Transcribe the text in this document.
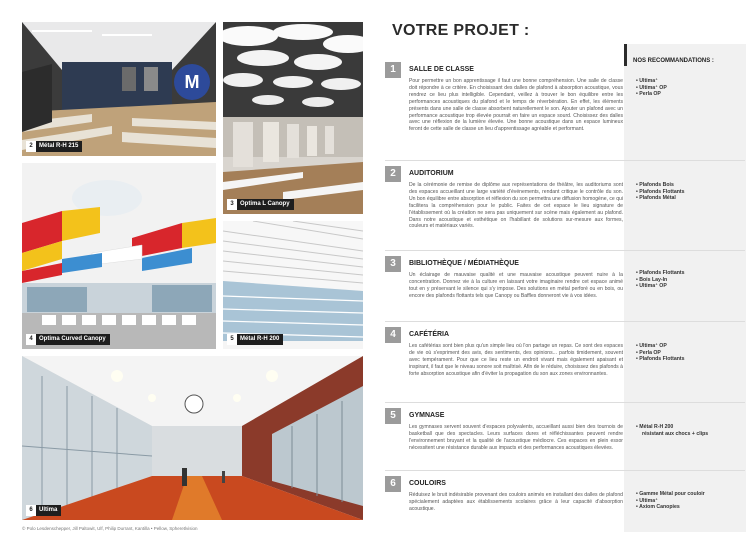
M
2	Métal R-H 215
3	Optima L Canopy
4	Optima Curved Canopy	5	Métal R-H 200
6	Ultima
© Polo Lesdenschepper, Jill Paltowit, Ulf, Philip Durrant, Kantilla • Pellow, Spheretlvision
VOTRE PROJET :
NOS RECOMMANDATIONS :
1	SALLE DE CLASSE
Pour permettre un bon apprentissage il faut une bonne compréhension. Une salle de classe doit répondre à ce critère. En choisissant des dalles de plafond à absorption acoustique, vous rendrez ce lieu plus intelligible. Cependant, veillez à trouver le bon équilibre entre les performances acoustiques du plafond et le temps de réverbération. En effet, les éléments présents dans une salle de classe absorbent naturellement le son. Ajouter un plafond avec un performance acoustique trop élevée pourrait en faire un espace sourd. Choisissez des dalles avec une réflexion de la lumière élevée. Une bonne acoustique dans un espace lumineux feront de cette salle de classe un lieu d'apprentissage agréable et performant.
• Ultima⁺
• Ultima⁺ OP
• Perla OP
2	AUDITORIUM
De la cérémonie de remise de diplôme aux représentations de théâtre, les auditoriums sont des espaces accueillant une large variété d'événements, rendant critique le contrôle du son. Un bon équilibre entre absorption et réflexion du son permettra une diffusion homogène, ce qui facilitera la compréhension pour le public. Faites de cet espace le lieu signature de l'établissement où la création ne sera pas uniquement sur scène mais également au plafond. Dans notre acoustique et esthétique on l'habillant de solutions sur-mesure aux formes, couleurs et matériaux variés.
• Plafonds Bois
• Plafonds Flottants
• Plafonds Métal
3	BIBLIOTHÈQUE / MÉDIATHÈQUE
Un éclairage de mauvaise qualité et une mauvaise acoustique peuvent nuire à la concentration. Donnez vie à la culture en laissant votre imaginaire rendre cet espace animé tout en y préservant le silence qui s'y impose. Des solutions en métal perforé ou en bois, ou encore des plafonds flottants tels que Canopy ou Baffles donneront vie à vos idées.
• Plafonds Flottants
• Bois Lay-In
• Ultima⁺ OP
4	CAFÉTÉRIA
Les cafétérias sont bien plus qu'un simple lieu où l'on partage un repas. Ce sont des espaces de vie où s'expriment des avis, des sentiments, des opinions... parfois timidement, souvent avec tempérament. Pour que ce lieu reste un endroit vivant mais également apaisant et inspirant, il faut que le niveau sonore soit maîtrisé. Afin de le réduire, choisissez des plafonds à forte absorption acoustique afin d'éviter la propagation du son aux zones environnantes.
• Ultima⁺ OP
• Perla OP
• Plafonds Flottants
5	GYMNASE
Les gymnases servent souvent d'espaces polyvalents, accueillant aussi bien des tournois de basketball que des spectacles. Leurs surfaces dures et réfléchissantes peuvent rendre l'environnement bruyant et la qualité de l'acoustique médiocre. Ces espaces en plein essor nécessitent une résistance durable aux impacts et des performances acoustiques élevées.
• Métal R-H 200
résistant aux chocs + clips
6	COULOIRS
Réduisez le bruit indésirable provenant des couloirs animés en installant des dalles de plafond spécialement adaptées aux établissements scolaires grâce à leur capacité d'absorption acoustique.
• Gamme Métal pour couloir
• Ultima⁺
• Axiom Canopies
